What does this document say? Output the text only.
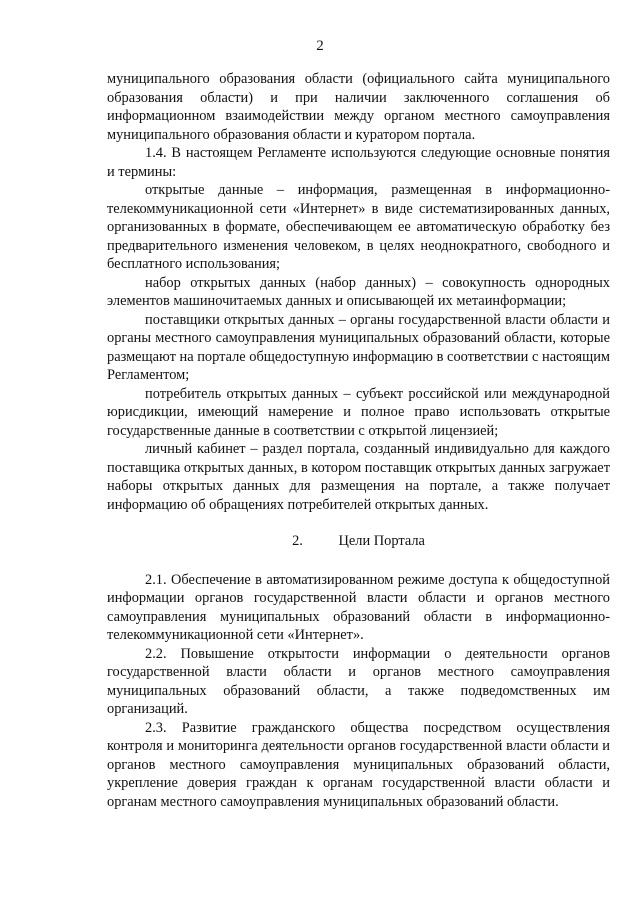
2

муниципального образования области (официального сайта муниципального образования области) и при наличии заключенного соглашения об информационном взаимодействии между органом местного самоуправления муниципального образования области и куратором портала.

1.4. В настоящем Регламенте используются следующие основные понятия и термины:

открытые данные – информация, размещенная в информационно-телекоммуникационной сети «Интернет» в виде систематизированных данных, организованных в формате, обеспечивающем ее автоматическую обработку без предварительного изменения человеком, в целях неоднократного, свободного и бесплатного использования;

набор открытых данных (набор данных) – совокупность однородных элементов машиночитаемых данных и описывающей их метаинформации;

поставщики открытых данных – органы государственной власти области и органы местного самоуправления муниципальных образований области, которые размещают на портале общедоступную информацию в соответствии с настоящим Регламентом;

потребитель открытых данных – субъект российской или международной юрисдикции, имеющий намерение и полное право использовать открытые государственные данные в соответствии с открытой лицензией;

личный кабинет – раздел портала, созданный индивидуально для каждого поставщика открытых данных, в котором поставщик открытых данных загружает наборы открытых данных для размещения на портале, а также получает информацию об обращениях потребителей открытых данных.

2. Цели Портала

2.1. Обеспечение в автоматизированном режиме доступа к общедоступной информации органов государственной власти области и органов местного самоуправления муниципальных образований области в информационно-телекоммуникационной сети «Интернет».

2.2. Повышение открытости информации о деятельности органов государственной власти области и органов местного самоуправления муниципальных образований области, а также подведомственных им организаций.

2.3. Развитие гражданского общества посредством осуществления контроля и мониторинга деятельности органов государственной власти области и органов местного самоуправления муниципальных образований области, укрепление доверия граждан к органам государственной власти области и органам местного самоуправления муниципальных образований области.
